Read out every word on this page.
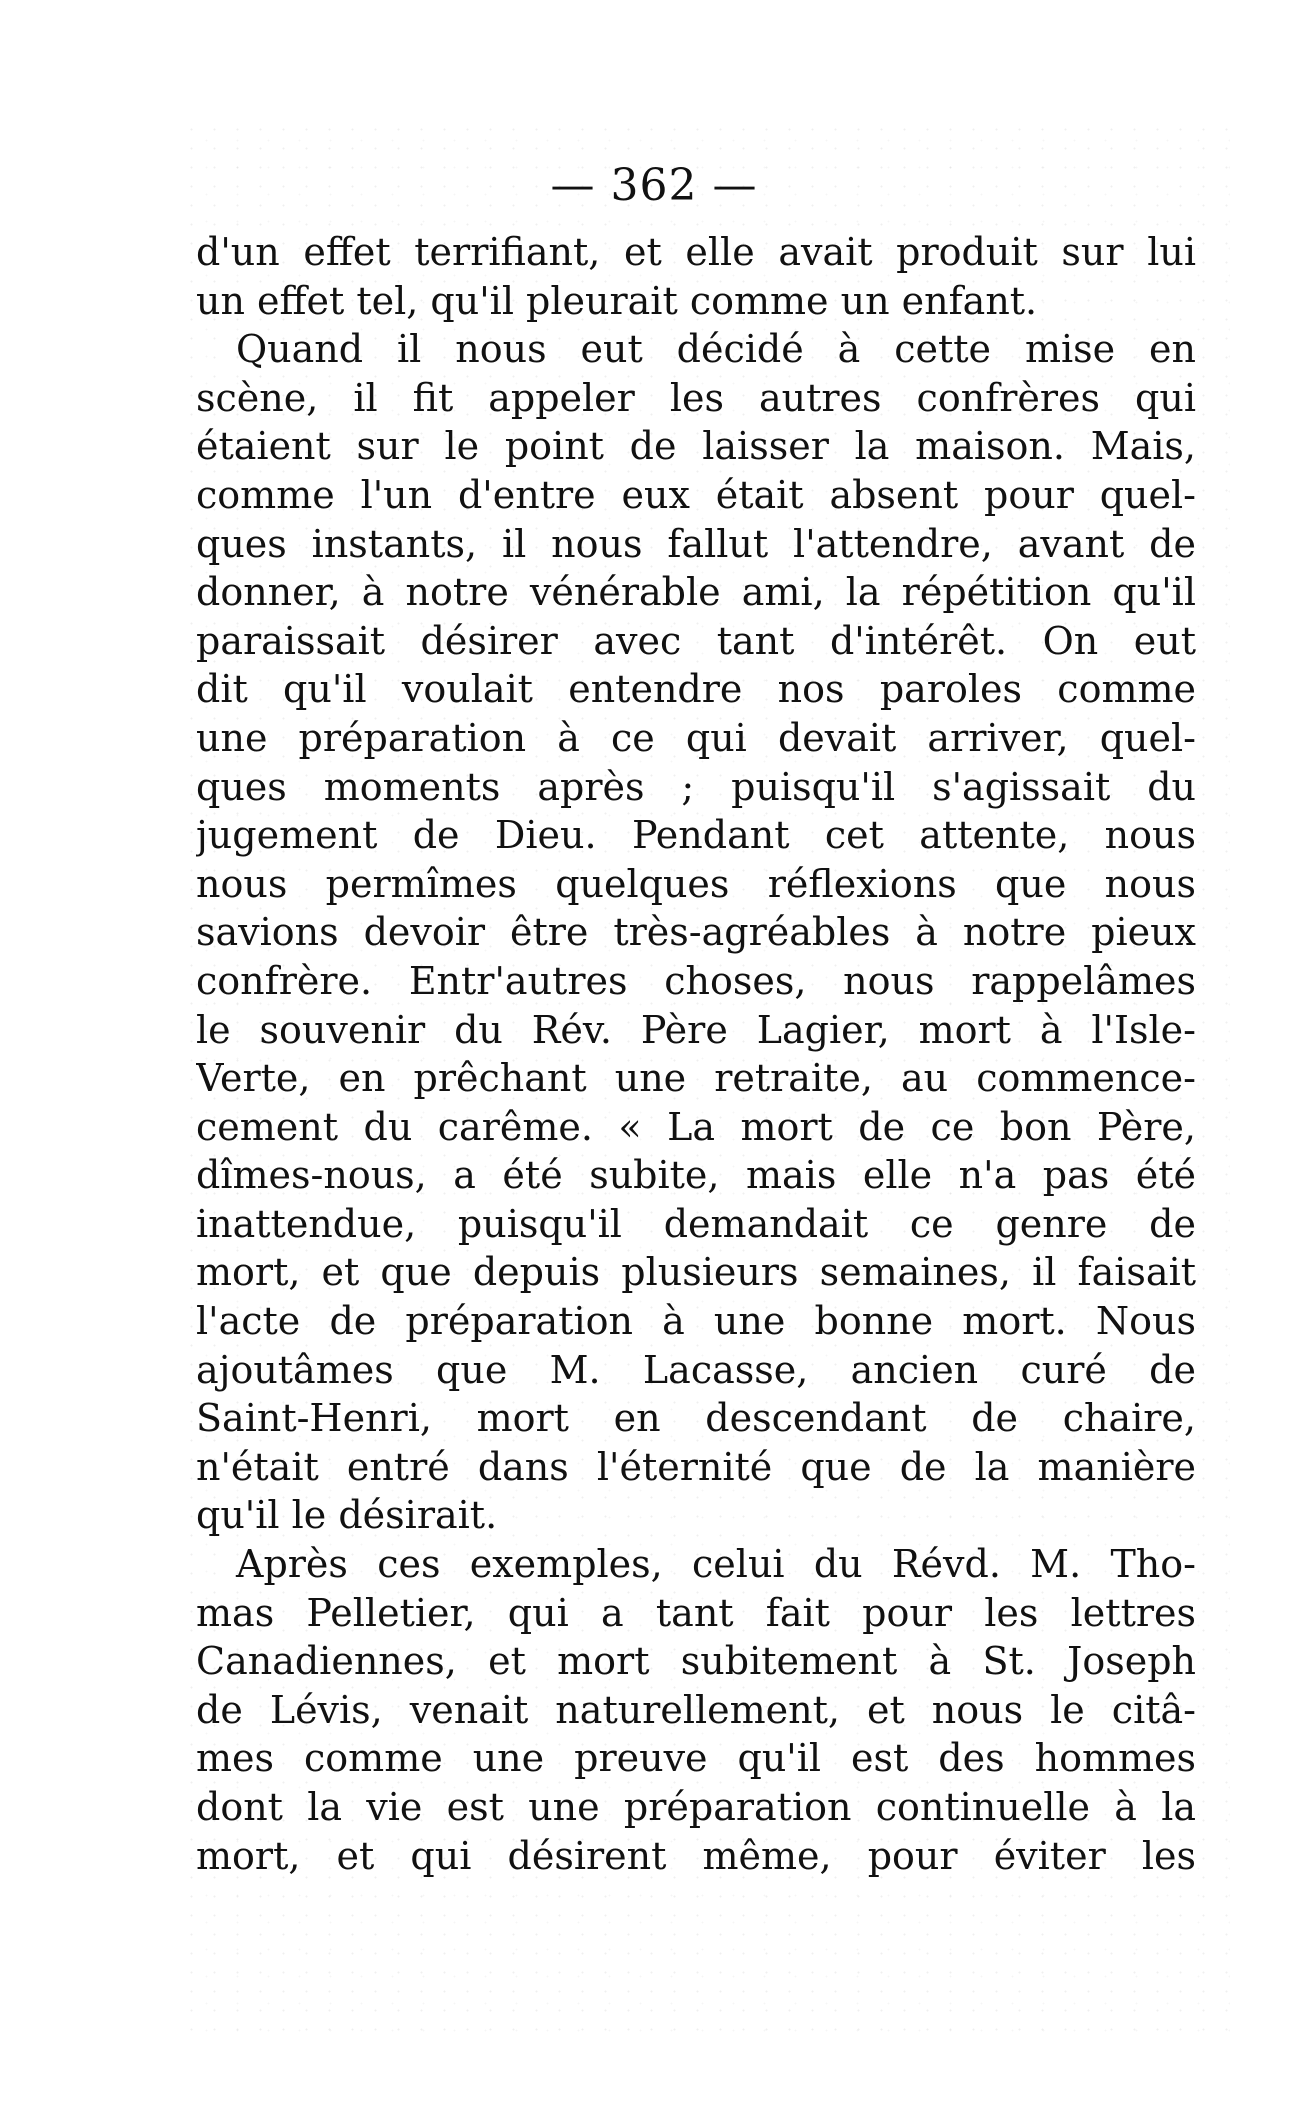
— 362 —
d'un effet terrifiant, et elle avait produit sur lui
un effet tel, qu'il pleurait comme un enfant.
Quand il nous eut décidé à cette mise en
scène, il fit appeler les autres confrères qui
étaient sur le point de laisser la maison. Mais,
comme l'un d'entre eux était absent pour quel-
ques instants, il nous fallut l'attendre, avant de
donner, à notre vénérable ami, la répétition qu'il
paraissait désirer avec tant d'intérêt. On eut
dit qu'il voulait entendre nos paroles comme
une préparation à ce qui devait arriver, quel-
ques moments après ; puisqu'il s'agissait du
jugement de Dieu. Pendant cet attente, nous
nous permîmes quelques réflexions que nous
savions devoir être très-agréables à notre pieux
confrère. Entr'autres choses, nous rappelâmes
le souvenir du Rév. Père Lagier, mort à l'Isle-
Verte, en prêchant une retraite, au commence-
cement du carême. « La mort de ce bon Père,
dîmes-nous, a été subite, mais elle n'a pas été
inattendue, puisqu'il demandait ce genre de
mort, et que depuis plusieurs semaines, il faisait
l'acte de préparation à une bonne mort. Nous
ajoutâmes que M. Lacasse, ancien curé de
Saint-Henri, mort en descendant de chaire,
n'était entré dans l'éternité que de la manière
qu'il le désirait.
Après ces exemples, celui du Révd. M. Tho-
mas Pelletier, qui a tant fait pour les lettres
Canadiennes, et mort subitement à St. Joseph
de Lévis, venait naturellement, et nous le citâ-
mes comme une preuve qu'il est des hommes
dont la vie est une préparation continuelle à la
mort, et qui désirent même, pour éviter les
